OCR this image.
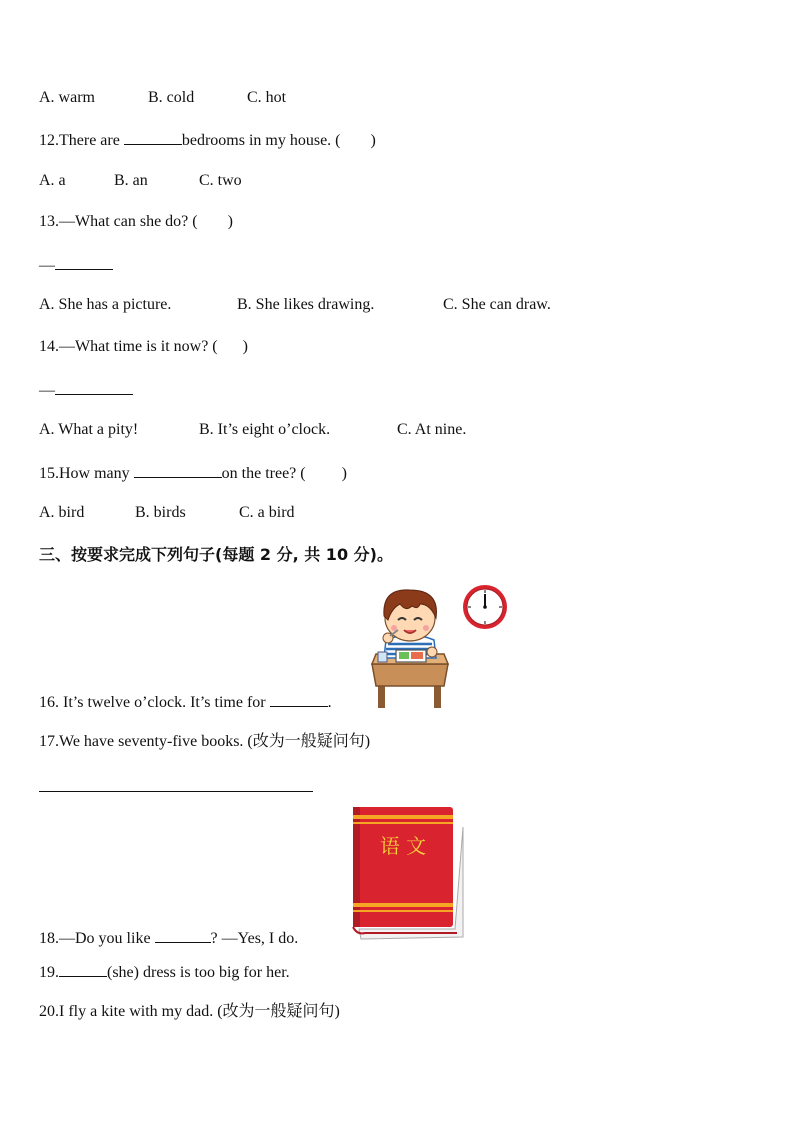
A. warm	B. cold	C. hot
12.There are	bedrooms in my house. ( )
A. a	B. an	C. two
13.—What can she do? ( )
—
A. She has a picture.	B. She likes drawing.	C. She can draw.
14.—What time is it now? ( )
—
A. What a pity!	B. It’s eight o’clock.	C. At nine.
15.How many	on the tree? ( )
A. bird	B. birds	C. a bird
三、按要求完成下列句子(每题 2 分, 共 10 分)。
16. It’s twelve o’clock. It’s time for	.
17.We have seventy-five books. (改为一般疑问句)
语 文
18.—Do you like	? —Yes, I do.
19.	(she) dress is too big for her.
20.I fly a kite with my dad. (改为一般疑问句)
